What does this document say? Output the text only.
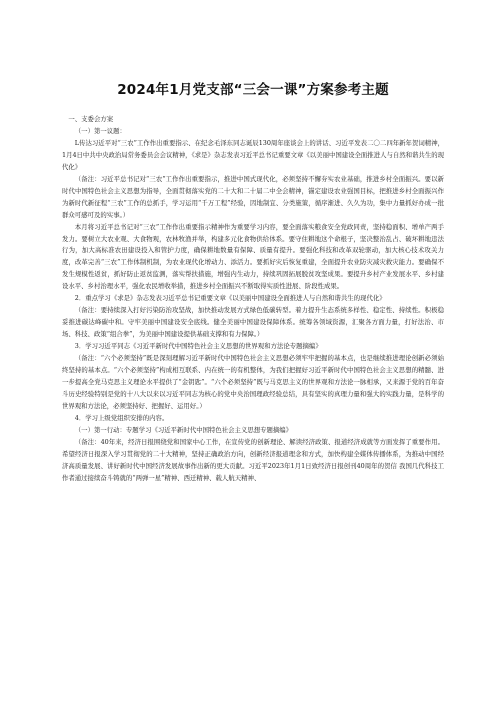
2024年1月党支部“三会一课”方案参考主题

一、支委会方案

（一）第一议题：

L传达习近平对“三农”工作作出重要指示、在纪念毛泽东同志诞辰130周年座谈会上的讲话、习近平发表二〇二四年新年贺词精神，1月4日中共中央政治局常务委员会会议精神，《求是》杂志发表习近平总书记重要文章《以美丽中国建设全面推进人与自然和谐共生的现代化》

（备注：习近平总书记对“三农”工作作出重要指示，推进中国式现代化，必须坚持不懈夯实农业基础，推进乡村全面振兴。要以新时代中国特色社会主义思想为指导，全面贯彻落实党的二十大和二十届二中全会精神，锚定建设农业强国目标，把推进乡村全面振兴作为新时代新征程“三农”工作的总抓手，学习运用“千万工程”经验，因地制宜、分类施策，循序渐进、久久为功，集中力量抓好办成一批群众可感可及的实事。）

本月将习近平总书记对“三农”工作作出重要指示精神作为重要学习内容，要全面落实粮食安全党政同责，坚持稳面积、增单产两手发力。要树立大农业观、大食物观，农林牧渔并举，构建多元化食物供给体系。要守住耕地这个命根子，坚决整治乱占、破坏耕地违法行为，加大高标准农田建设投入和管护力度，确保耕地数量有保障、质量有提升。要强化科技和改革双轮驱动，加大核心技术攻关力度，改革完善“三农”工作体制机制，为农业现代化增动力、添活力。要抓好灾后恢复重建，全面提升农业防灾减灾救灾能力。要确保不发生规模性返贫，抓好防止返贫监测，落实帮扶措施，增强内生动力，持续巩固拓展脱贫攻坚成果。要提升乡村产业发展水平、乡村建设水平、乡村治理水平，强化农民增收举措，推进乡村全面振兴不断取得实质性进展、阶段性成果。

2．重点学习《求是》杂志发表习近平总书记重要文章《以美丽中国建设全面推进人与自然和谐共生的现代化》

（备注：要持续深入打好污染防治攻坚战，加快推动发展方式绿色低碳转型。着力提升生态系统多样性、稳定性、持续性。积极稳妥推进碳达峰碳中和。守牢美丽中国建设安全底线。健全美丽中国建设保障体系。统筹各领域资源，汇聚各方面力量，打好法治、市场、科技、政策“组合拳”，为美丽中国建设提供基础支撑和有力保障。）

3．学习习近平同志《习近平新时代中国特色社会主义思想的世界观和方法论专题摘编》

（备注：“六个必须坚持”既是深刻理解习近平新时代中国特色社会主义思想必须牢牢把握的基本点，也是继续推进理论创新必须始终坚持的基本点。“六个必须坚持”构成相互联系、内在统一的有机整体，为我们把握好习近平新时代中国特色社会主义思想的精髓、进一步提高全党马克思主义理论水平提供了“金钥匙”。“六个必须坚持”既与马克思主义的世界观和方法论一脉相承，又来源于党的百年奋斗历史经验特别是党的十八大以来以习近平同志为核心的党中央治国理政经验总结，具有坚实的真理力量和强大的实践力量，是科学的世界观和方法论，必须坚持好、把握好、运用好。）

4．学习上级党组织安排的内容。

（一）第一行动：专题学习《习近平新时代中国特色社会主义思想专题摘编》

（备注：40年来，经济日报围绕党和国家中心工作，在宣传党的创新理论、解读经济政策、报道经济成就等方面发挥了重要作用。希望经济日报深入学习贯彻党的二十大精神，坚持正确政治方向，创新经济报道理念和方式，加快构建全媒体传播体系，为推动中国经济高质量发展、讲好新时代中国经济发展故事作出新的更大贡献。习近平2023年1月1日致经济日报创刊40周年的贺信 我国几代科技工作者通过接续奋斗铸就的“两弹一星”精神、西迁精神、载人航天精神、
